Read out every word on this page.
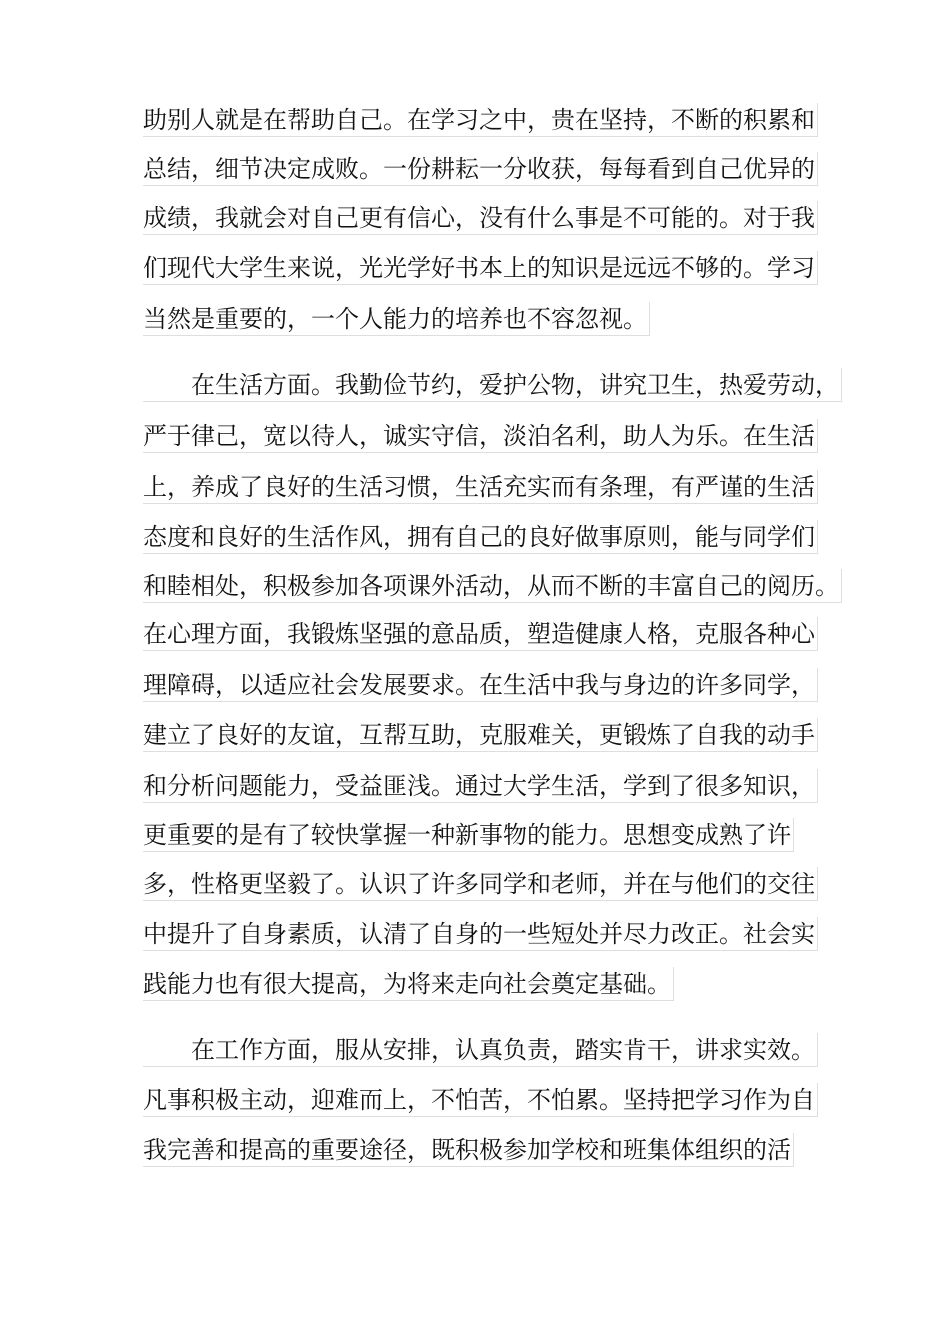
助别人就是在帮助自己。在学习之中，贵在坚持，不断的积累和
总结，细节决定成败。一份耕耘一分收获，每每看到自己优异的
成绩，我就会对自己更有信心，没有什么事是不可能的。对于我
们现代大学生来说，光光学好书本上的知识是远远不够的。学习
当然是重要的，一个人能力的培养也不容忽视。
在生活方面。我勤俭节约，爱护公物，讲究卫生，热爱劳动，
严于律己，宽以待人，诚实守信，淡泊名利，助人为乐。在生活
上，养成了良好的生活习惯，生活充实而有条理，有严谨的生活
态度和良好的生活作风，拥有自己的良好做事原则，能与同学们
和睦相处，积极参加各项课外活动，从而不断的丰富自己的阅历。
在心理方面，我锻炼坚强的意品质，塑造健康人格，克服各种心
理障碍，以适应社会发展要求。在生活中我与身边的许多同学，
建立了良好的友谊，互帮互助，克服难关，更锻炼了自我的动手
和分析问题能力，受益匪浅。通过大学生活，学到了很多知识，
更重要的是有了较快掌握一种新事物的能力。思想变成熟了许
多，性格更坚毅了。认识了许多同学和老师，并在与他们的交往
中提升了自身素质，认清了自身的一些短处并尽力改正。社会实
践能力也有很大提高，为将来走向社会奠定基础。
在工作方面，服从安排，认真负责，踏实肯干，讲求实效。
凡事积极主动，迎难而上，不怕苦，不怕累。坚持把学习作为自
我完善和提高的重要途径，既积极参加学校和班集体组织的活
